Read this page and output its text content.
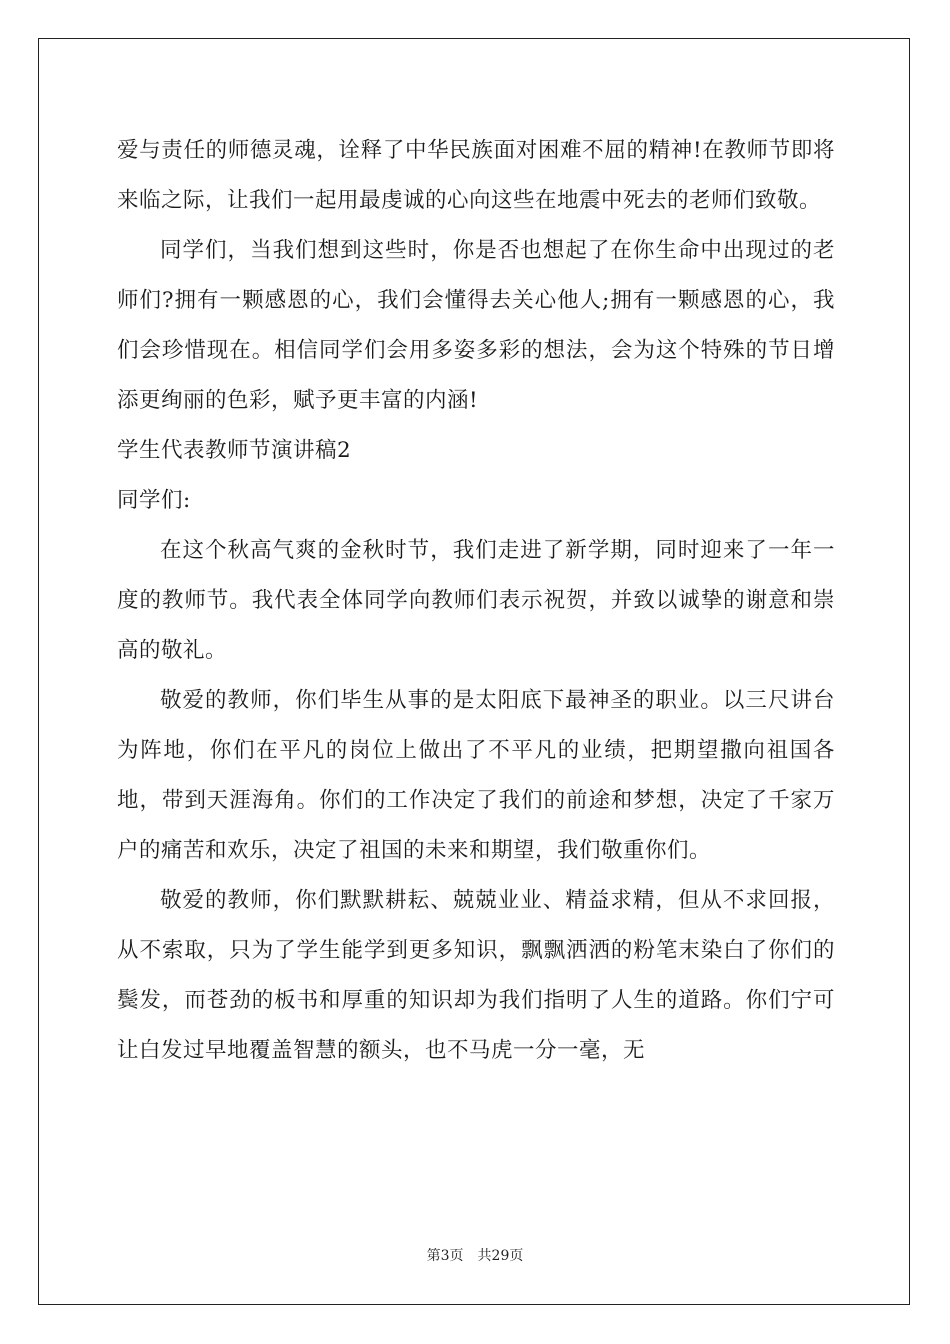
爱与责任的师德灵魂，诠释了中华民族面对困难不屈的精神!在教师节即将来临之际，让我们一起用最虔诚的心向这些在地震中死去的老师们致敬。

同学们，当我们想到这些时，你是否也想起了在你生命中出现过的老师们?拥有一颗感恩的心，我们会懂得去关心他人;拥有一颗感恩的心，我们会珍惜现在。相信同学们会用多姿多彩的想法，会为这个特殊的节日增添更绚丽的色彩，赋予更丰富的内涵!

学生代表教师节演讲稿2

同学们:

在这个秋高气爽的金秋时节，我们走进了新学期，同时迎来了一年一度的教师节。我代表全体同学向教师们表示祝贺，并致以诚挚的谢意和崇高的敬礼。

敬爱的教师，你们毕生从事的是太阳底下最神圣的职业。以三尺讲台为阵地，你们在平凡的岗位上做出了不平凡的业绩，把期望撒向祖国各地，带到天涯海角。你们的工作决定了我们的前途和梦想，决定了千家万户的痛苦和欢乐，决定了祖国的未来和期望，我们敬重你们。

敬爱的教师，你们默默耕耘、兢兢业业、精益求精，但从不求回报，从不索取，只为了学生能学到更多知识，飘飘洒洒的粉笔末染白了你们的鬓发，而苍劲的板书和厚重的知识却为我们指明了人生的道路。你们宁可让白发过早地覆盖智慧的额头，也不马虎一分一毫，无

第3页 共29页
